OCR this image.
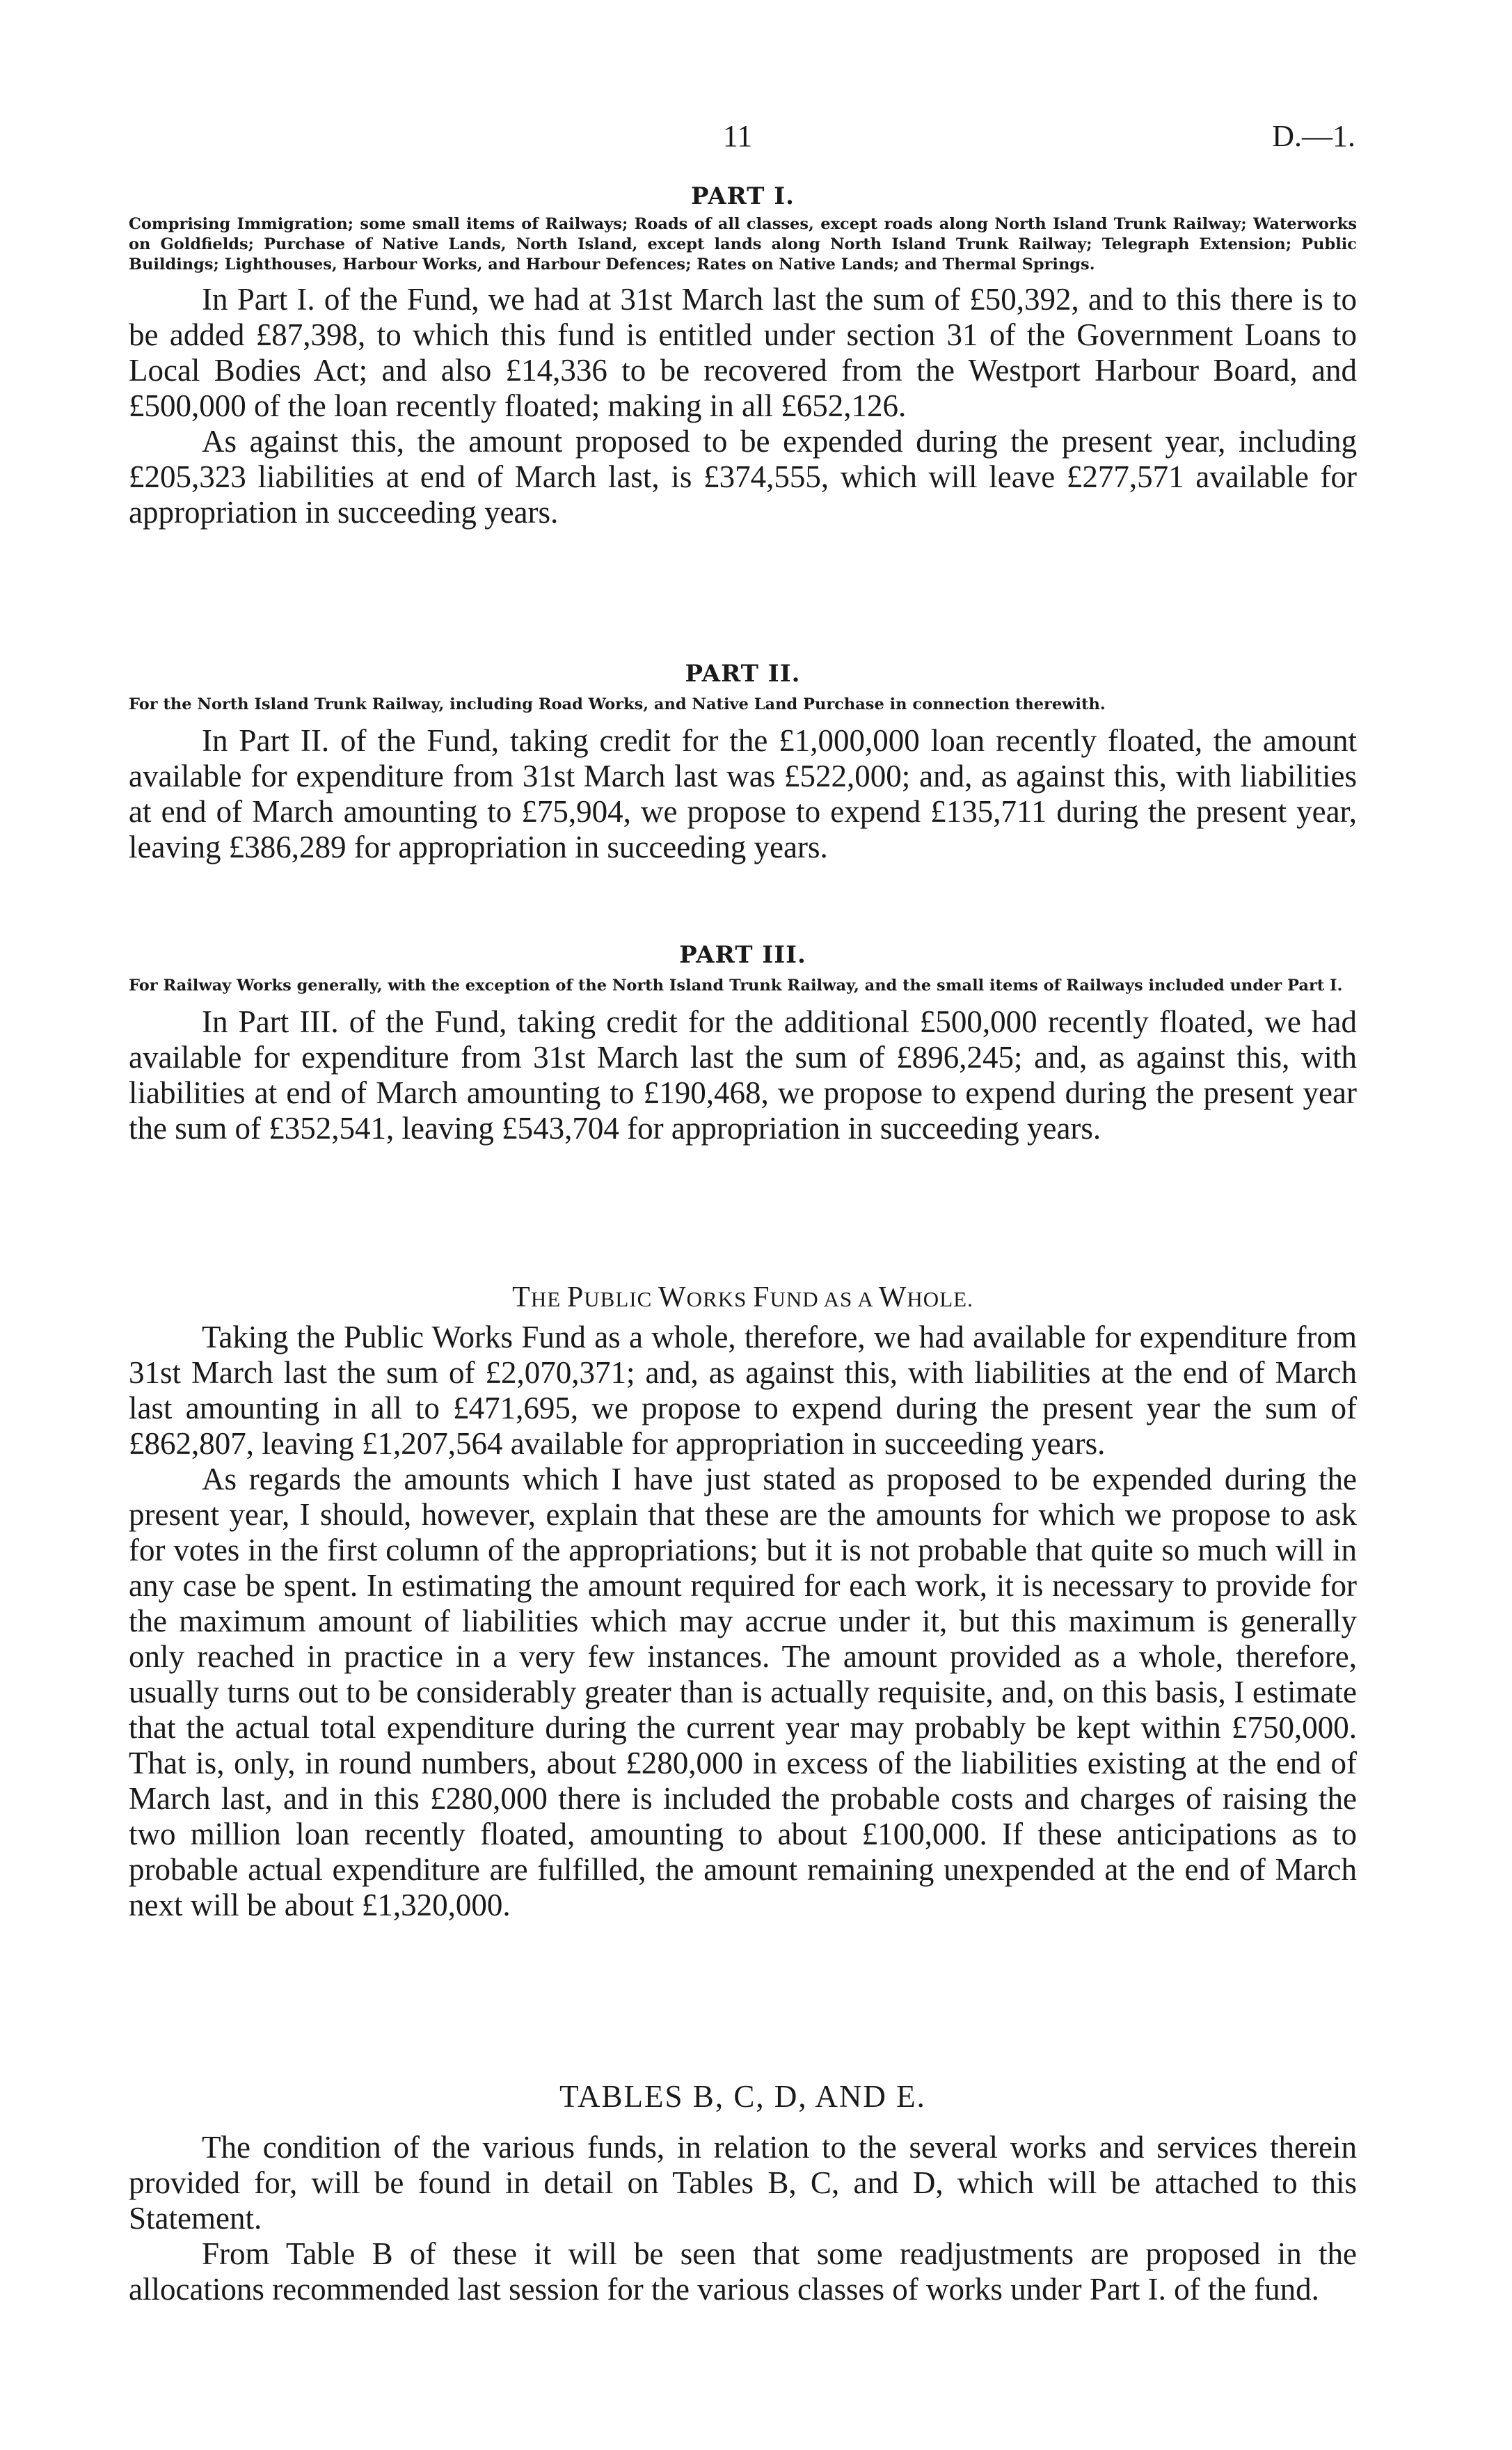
11	D.—1.
PART I.
Comprising Immigration; some small items of Railways; Roads of all classes, except roads along North Island Trunk Railway; Waterworks on Goldfields; Purchase of Native Lands, North Island, except lands along North Island Trunk Railway; Telegraph Extension; Public Buildings; Lighthouses, Harbour Works, and Harbour Defences; Rates on Native Lands; and Thermal Springs.

In Part I. of the Fund, we had at 31st March last the sum of £50,392, and to this there is to be added £87,398, to which this fund is entitled under section 31 of the Government Loans to Local Bodies Act; and also £14,336 to be recovered from the Westport Harbour Board, and £500,000 of the loan recently floated; making in all £652,126.

As against this, the amount proposed to be expended during the present year, including £205,323 liabilities at end of March last, is £374,555, which will leave £277,571 available for appropriation in succeeding years.

PART II.
For the North Island Trunk Railway, including Road Works, and Native Land Purchase in connection therewith.

In Part II. of the Fund, taking credit for the £1,000,000 loan recently floated, the amount available for expenditure from 31st March last was £522,000; and, as against this, with liabilities at end of March amounting to £75,904, we propose to expend £135,711 during the present year, leaving £386,289 for appropriation in succeeding years.

PART III.
For Railway Works generally, with the exception of the North Island Trunk Railway, and the small items of Railways included under Part I.

In Part III. of the Fund, taking credit for the additional £500,000 recently floated, we had available for expenditure from 31st March last the sum of £896,245; and, as against this, with liabilities at end of March amounting to £190,468, we propose to expend during the present year the sum of £352,541, leaving £543,704 for appropriation in succeeding years.

THE PUBLIC WORKS FUND AS A WHOLE.

Taking the Public Works Fund as a whole, therefore, we had available for expenditure from 31st March last the sum of £2,070,371; and, as against this, with liabilities at the end of March last amounting in all to £471,695, we propose to expend during the present year the sum of £862,807, leaving £1,207,564 available for appropriation in succeeding years.

As regards the amounts which I have just stated as proposed to be expended during the present year, I should, however, explain that these are the amounts for which we propose to ask for votes in the first column of the appropriations; but it is not probable that quite so much will in any case be spent. In estimating the amount required for each work, it is necessary to provide for the maximum amount of liabilities which may accrue under it, but this maximum is generally only reached in practice in a very few instances. The amount provided as a whole, therefore, usually turns out to be considerably greater than is actually requisite, and, on this basis, I estimate that the actual total expenditure during the current year may probably be kept within £750,000. That is, only, in round numbers, about £280,000 in excess of the liabilities existing at the end of March last, and in this £280,000 there is included the probable costs and charges of raising the two million loan recently floated, amounting to about £100,000. If these anticipations as to probable actual expenditure are fulfilled, the amount remaining unexpended at the end of March next will be about £1,320,000.

TABLES B, C, D, AND E.

The condition of the various funds, in relation to the several works and services therein provided for, will be found in detail on Tables B, C, and D, which will be attached to this Statement.

From Table B of these it will be seen that some readjustments are proposed in the allocations recommended last session for the various classes of works under Part I. of the fund.
